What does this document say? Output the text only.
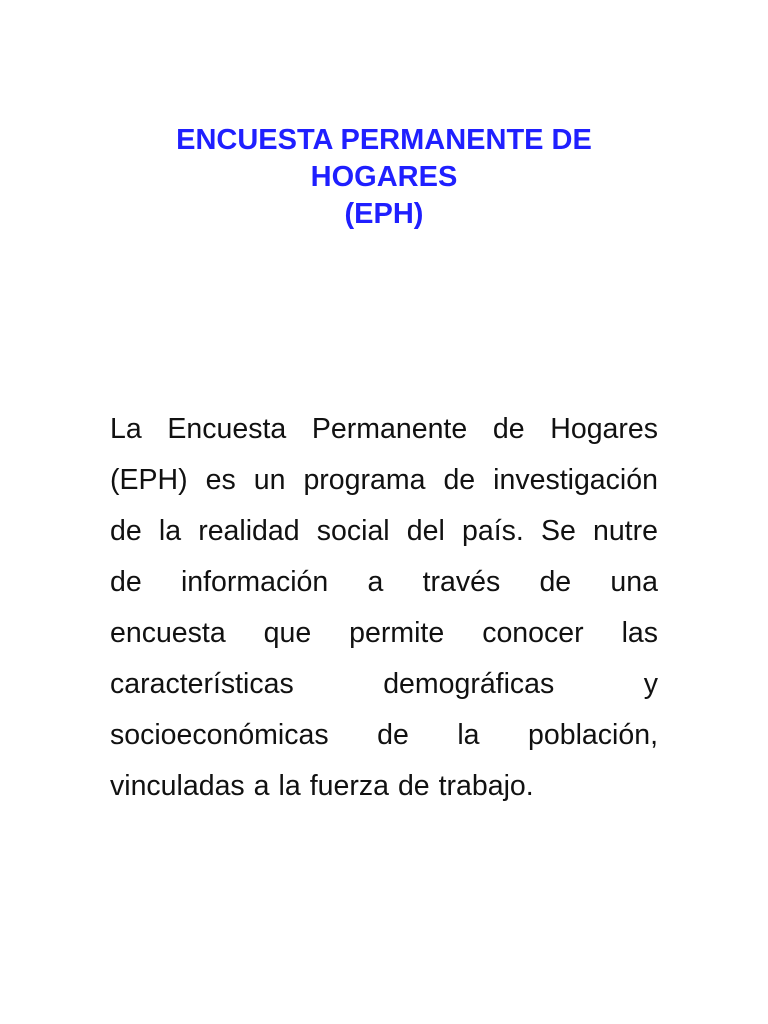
ENCUESTA PERMANENTE DE
HOGARES
(EPH)
La Encuesta Permanente de Hogares
(EPH) es un programa de investigación
de la realidad social del país. Se nutre
de información a través de una
encuesta que permite conocer las
características	demográficas	y
socioeconómicas de la población,
vinculadas a la fuerza de trabajo.
